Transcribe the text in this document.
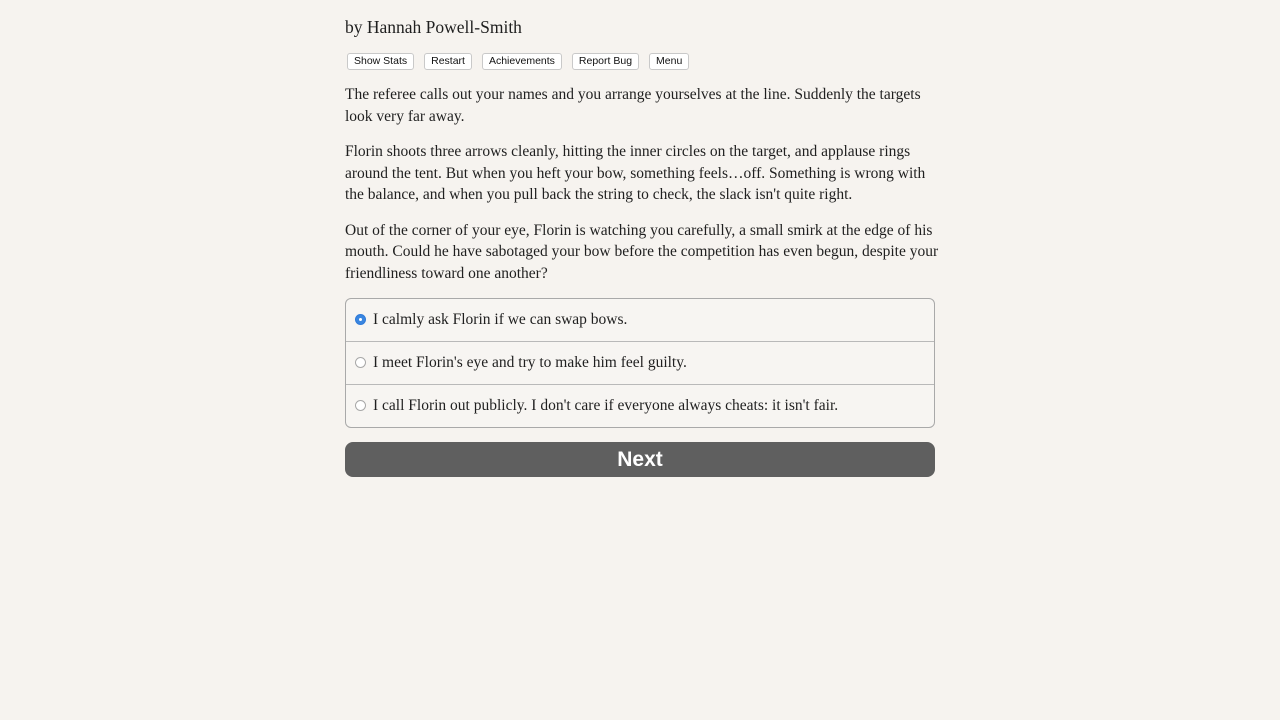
by Hannah Powell-Smith
Show Stats	Restart	Achievements	Report Bug	Menu

The referee calls out your names and you arrange yourselves at the line. Suddenly the targets look very far away.

Florin shoots three arrows cleanly, hitting the inner circles on the target, and applause rings around the tent. But when you heft your bow, something feels…off. Something is wrong with the balance, and when you pull back the string to check, the slack isn't quite right.

Out of the corner of your eye, Florin is watching you carefully, a small smirk at the edge of his mouth. Could he have sabotaged your bow before the competition has even begun, despite your friendliness toward one another?

I calmly ask Florin if we can swap bows.
I meet Florin's eye and try to make him feel guilty.
I call Florin out publicly. I don't care if everyone always cheats: it isn't fair.
Next
